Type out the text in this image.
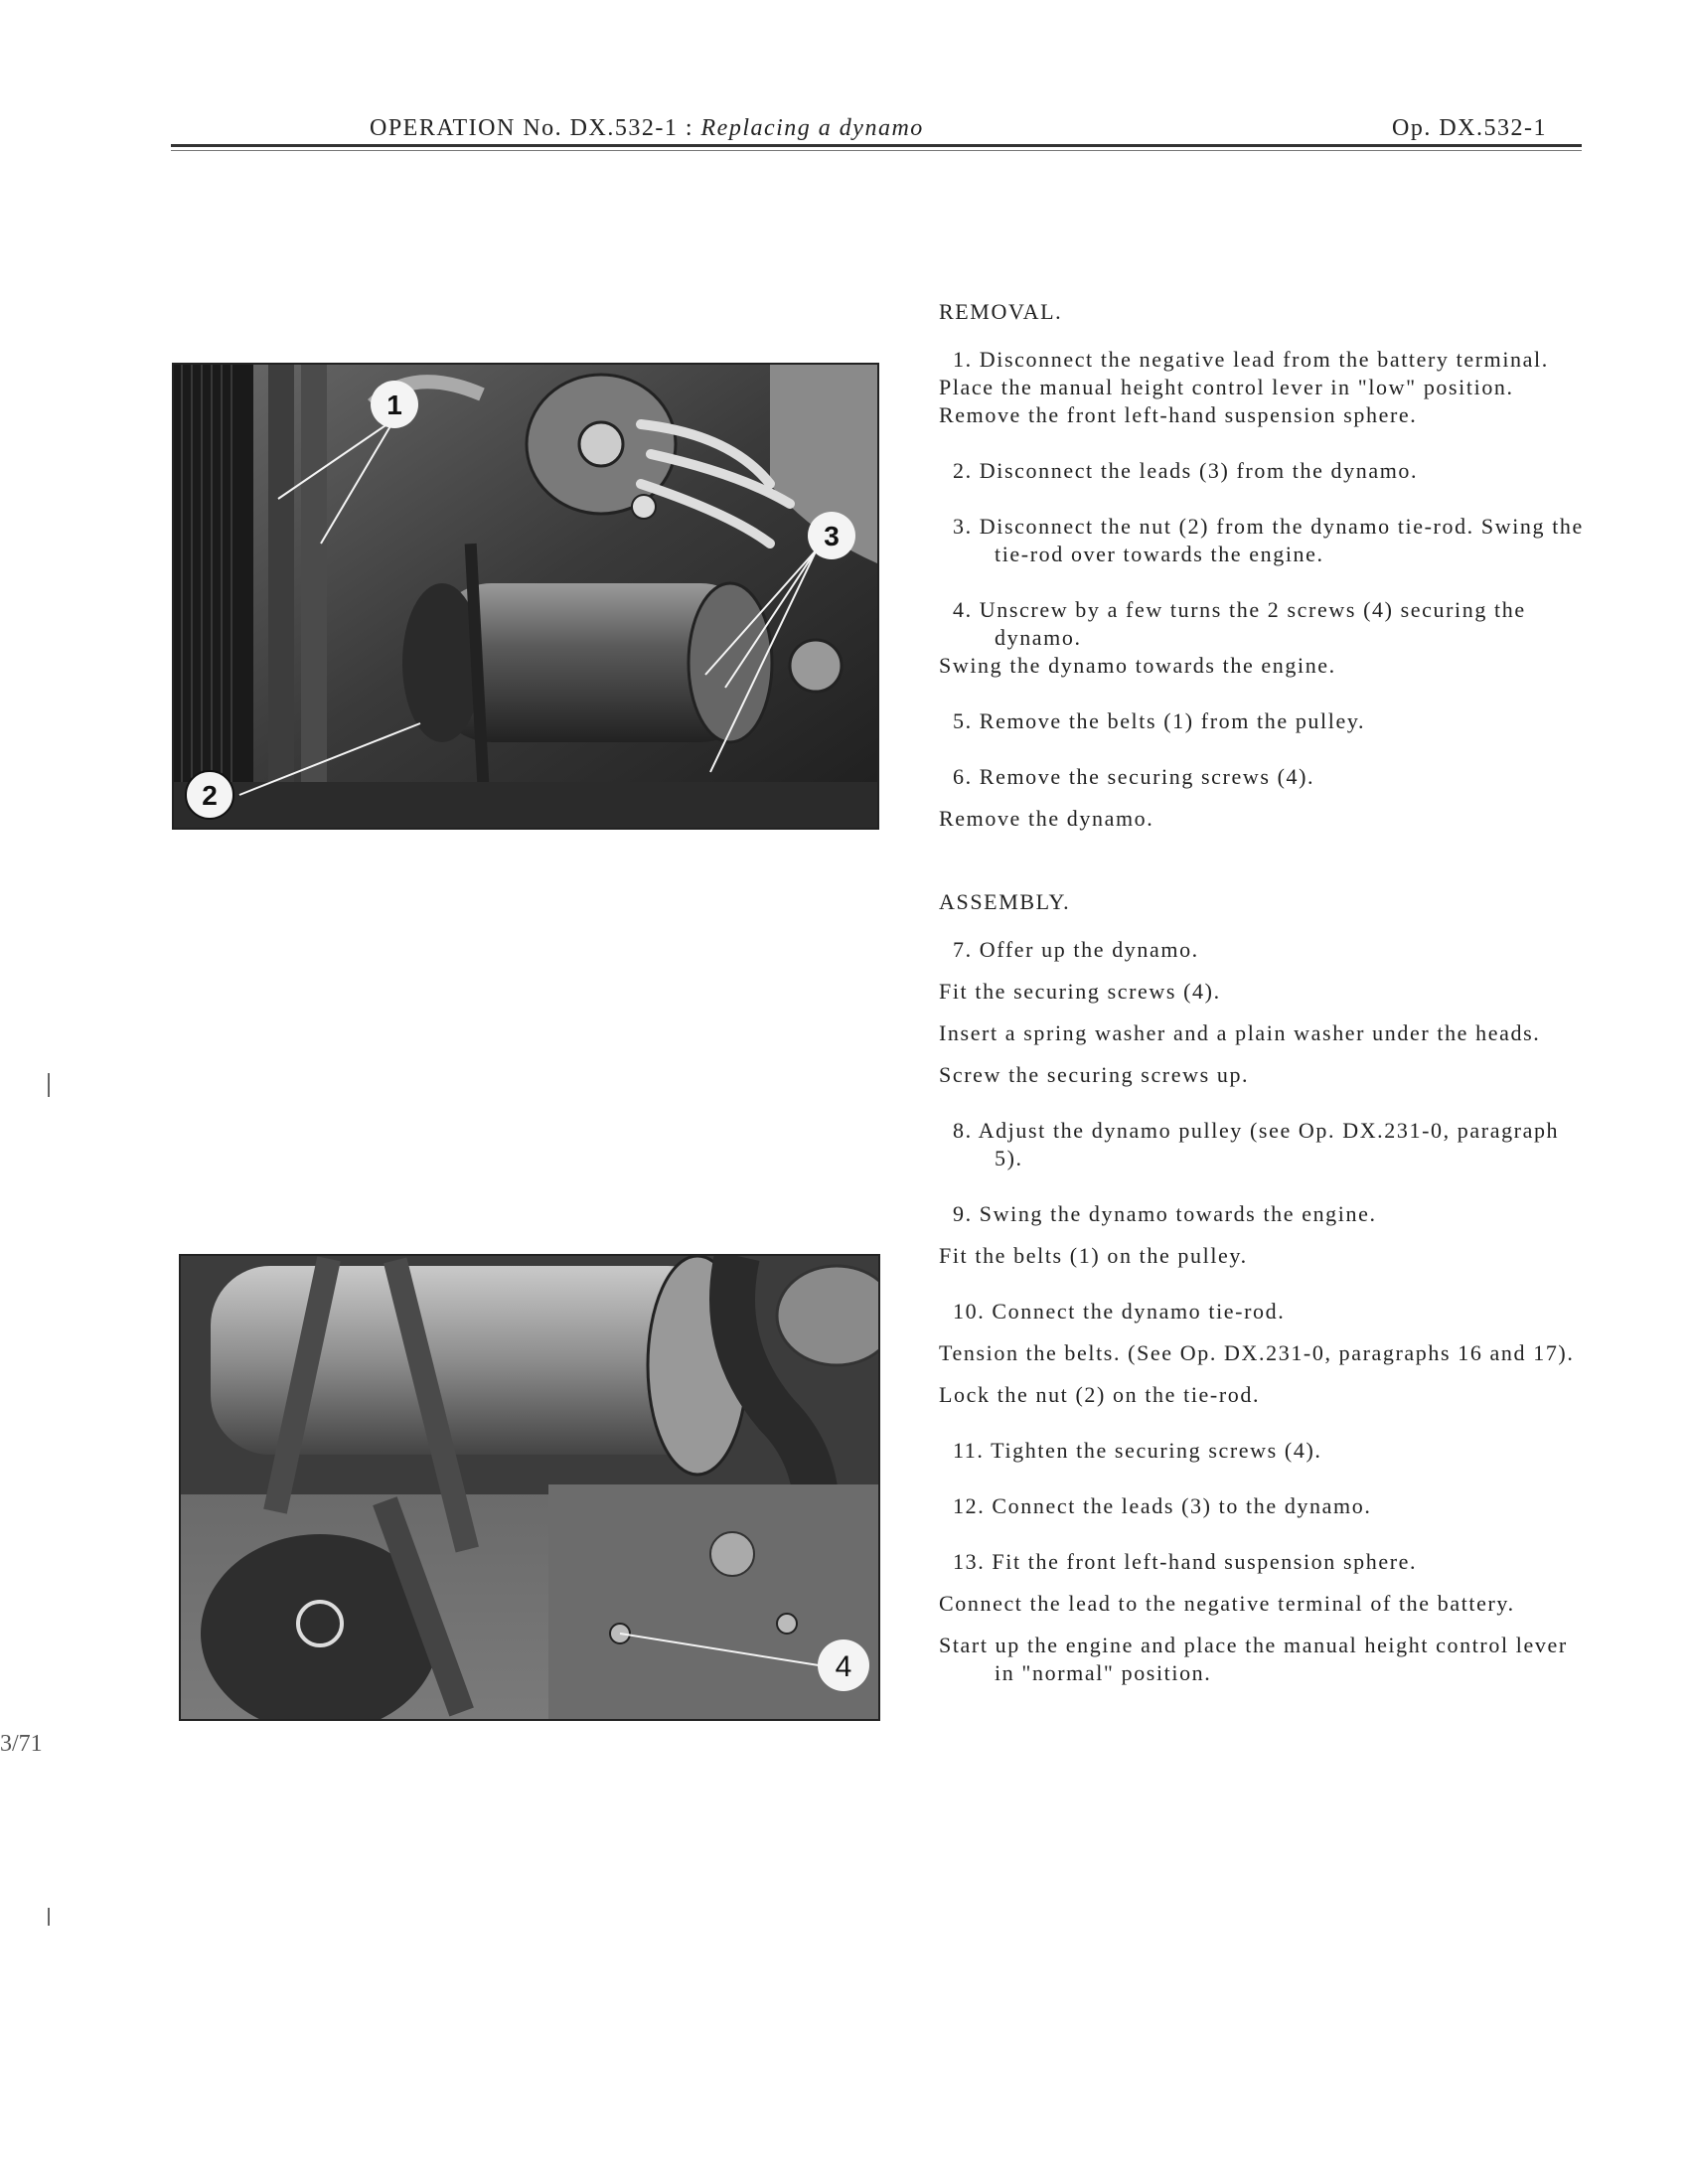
OPERATION No. DX.532-1 : Replacing a dynamo	Op. DX.532-1
1
3
2
4

REMOVAL.

1. Disconnect the negative lead from the battery terminal.

Place the manual height control lever in "low" position.

Remove the front left-hand suspension sphere.

2. Disconnect the leads (3) from the dynamo.

3. Disconnect the nut (2) from the dynamo tie-rod. Swing the tie-rod over towards the engine.

4. Unscrew by a few turns the 2 screws (4) securing the dynamo.

Swing the dynamo towards the engine.

5. Remove the belts (1) from the pulley.

6. Remove the securing screws (4).

Remove the dynamo.

ASSEMBLY.

7. Offer up the dynamo.

Fit the securing screws (4).

Insert a spring washer and a plain washer under the heads.

Screw the securing screws up.

8. Adjust the dynamo pulley (see Op. DX.231-0, paragraph 5).

9. Swing the dynamo towards the engine.

Fit the belts (1) on the pulley.

10. Connect the dynamo tie-rod.

Tension the belts. (See Op. DX.231-0, paragraphs 16 and 17).

Lock the nut (2) on the tie-rod.

11. Tighten the securing screws (4).

12. Connect the leads (3) to the dynamo.

13. Fit the front left-hand suspension sphere.

Connect the lead to the negative terminal of the battery.

Start up the engine and place the manual height control lever in "normal" position.

3/71
